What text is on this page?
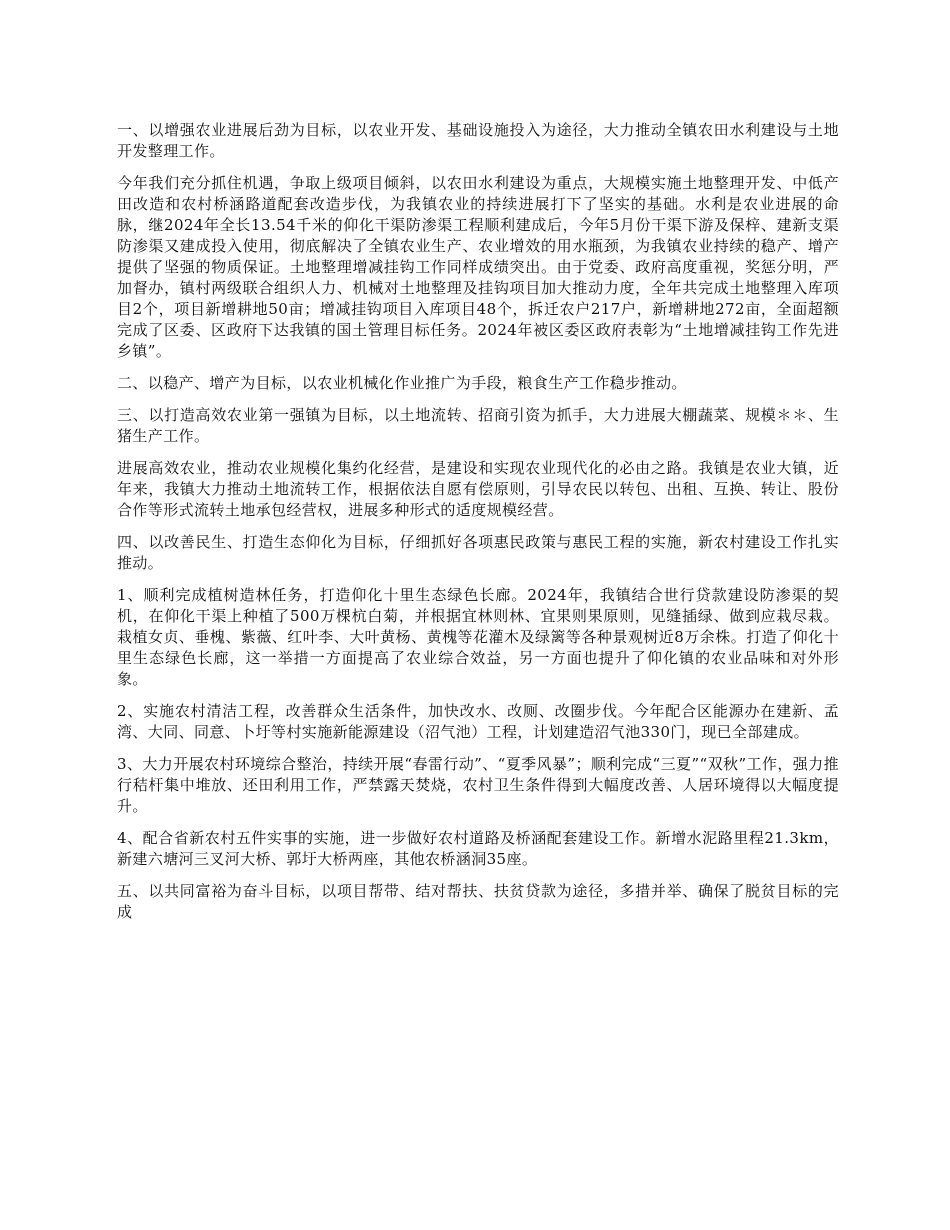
一、以增强农业进展后劲为目标，以农业开发、基础设施投入为途径，大力推动全镇农田水利建设与土地开发整理工作。

今年我们充分抓住机遇，争取上级项目倾斜，以农田水利建设为重点，大规模实施土地整理开发、中低产田改造和农村桥涵路道配套改造步伐，为我镇农业的持续进展打下了坚实的基础。水利是农业进展的命脉，继2024年全长13.54千米的仰化干渠防渗渠工程顺利建成后，今年5月份干渠下游及保梓、建新支渠防渗渠又建成投入使用，彻底解决了全镇农业生产、农业增效的用水瓶颈，为我镇农业持续的稳产、增产提供了坚强的物质保证。土地整理增减挂钩工作同样成绩突出。由于党委、政府高度重视，奖惩分明，严加督办，镇村两级联合组织人力、机械对土地整理及挂钩项目加大推动力度，全年共完成土地整理入库项目2个，项目新增耕地50亩；增减挂钩项目入库项目48个，拆迁农户217户，新增耕地272亩，全面超额完成了区委、区政府下达我镇的国土管理目标任务。2024年被区委区政府表彰为“土地增减挂钩工作先进乡镇”。

二、以稳产、增产为目标，以农业机械化作业推广为手段，粮食生产工作稳步推动。

三、以打造高效农业第一强镇为目标，以土地流转、招商引资为抓手，大力进展大棚蔬菜、规模＊＊、生猪生产工作。

进展高效农业，推动农业规模化集约化经营，是建设和实现农业现代化的必由之路。我镇是农业大镇，近年来，我镇大力推动土地流转工作，根据依法自愿有偿原则，引导农民以转包、出租、互换、转让、股份合作等形式流转土地承包经营权，进展多种形式的适度规模经营。

四、以改善民生、打造生态仰化为目标，仔细抓好各项惠民政策与惠民工程的实施，新农村建设工作扎实推动。

1、顺利完成植树造林任务，打造仰化十里生态绿色长廊。2024年，我镇结合世行贷款建设防渗渠的契机，在仰化干渠上种植了500万棵杭白菊，并根据宜林则林、宜果则果原则，见缝插绿、做到应栽尽栽。栽植女贞、垂槐、紫薇、红叶李、大叶黄杨、黄槐等花灌木及绿篱等各种景观树近8万余株。打造了仰化十里生态绿色长廊，这一举措一方面提高了农业综合效益，另一方面也提升了仰化镇的农业品味和对外形象。

2、实施农村清洁工程，改善群众生活条件，加快改水、改厕、改圈步伐。今年配合区能源办在建新、孟湾、大同、同意、卜圩等村实施新能源建设（沼气池）工程，计划建造沼气池330门，现已全部建成。

3、大力开展农村环境综合整治，持续开展“春雷行动”、“夏季风暴”；顺利完成“三夏”“双秋”工作，强力推行秸杆集中堆放、还田利用工作，严禁露天焚烧，农村卫生条件得到大幅度改善、人居环境得以大幅度提升。

4、配合省新农村五件实事的实施，进一步做好农村道路及桥涵配套建设工作。新增水泥路里程21.3km，新建六塘河三叉河大桥、郭圩大桥两座，其他农桥涵洞35座。

五、以共同富裕为奋斗目标，以项目帮带、结对帮扶、扶贫贷款为途径，多措并举、确保了脱贫目标的完成
